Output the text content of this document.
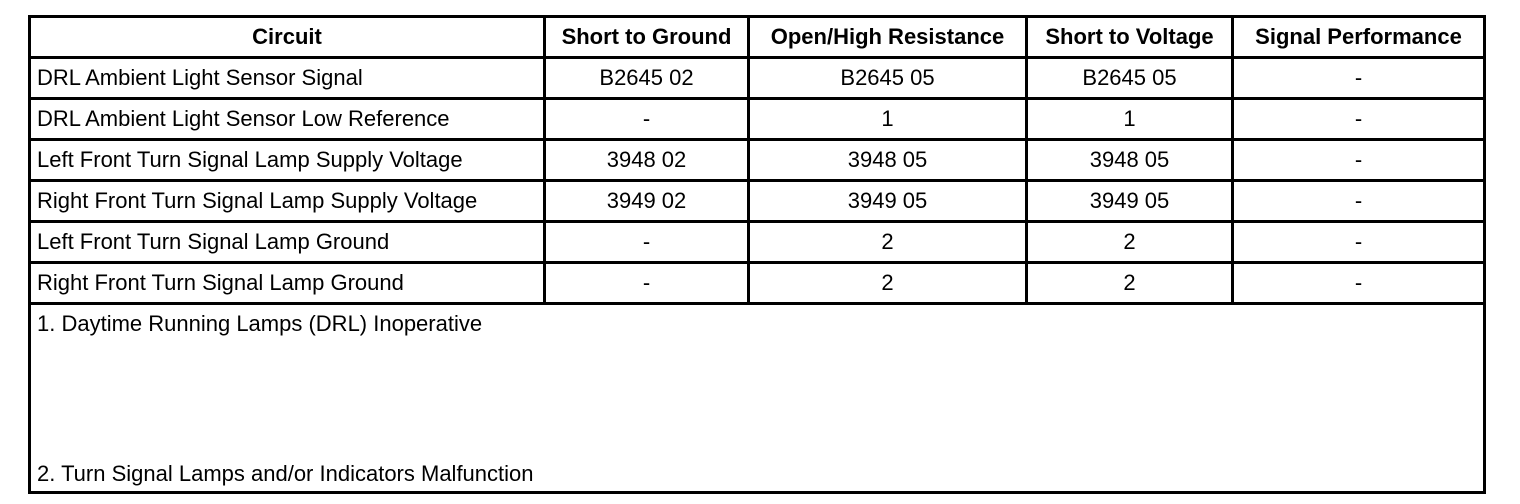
Circuit	Short to Ground	Open/High Resistance	Short to Voltage	Signal Performance
DRL Ambient Light Sensor Signal	B2645 02	B2645 05	B2645 05	-
DRL Ambient Light Sensor Low Reference	-	1	1	-
Left Front Turn Signal Lamp Supply Voltage	3948 02	3948 05	3948 05	-
Right Front Turn Signal Lamp Supply Voltage	3949 02	3949 05	3949 05	-
Left Front Turn Signal Lamp Ground	-	2	2	-
Right Front Turn Signal Lamp Ground	-	2	2	-

1. Daytime Running Lamps (DRL) Inoperative
2. Turn Signal Lamps and/or Indicators Malfunction				
